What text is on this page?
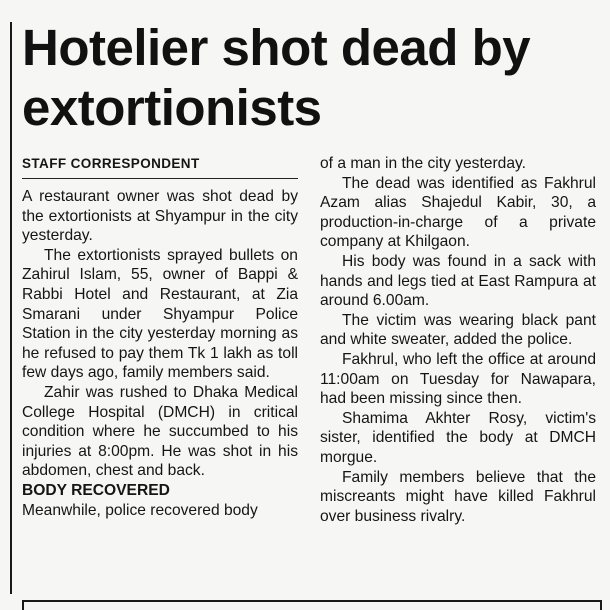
Hotelier shot dead by extortionists
STAFF CORRESPONDENT

A restaurant owner was shot dead by the extortionists at Shyampur in the city yesterday.

The extortionists sprayed bullets on Zahirul Islam, 55, owner of Bappi & Rabbi Hotel and Restaurant, at Zia Smarani under Shyampur Police Station in the city yesterday morning as he refused to pay them Tk 1 lakh as toll few days ago, family members said.

Zahir was rushed to Dhaka Medical College Hospital (DMCH) in critical condition where he succumbed to his injuries at 8:00pm. He was shot in his abdomen, chest and back.

BODY RECOVERED

Meanwhile, police recovered body

of a man in the city yesterday.

The dead was identified as Fakhrul Azam alias Shajedul Kabir, 30, a production-in-charge of a private company at Khilgaon.

His body was found in a sack with hands and legs tied at East Rampura at around 6.00am.

The victim was wearing black pant and white sweater, added the police.

Fakhrul, who left the office at around 11:00am on Tuesday for Nawapara, had been missing since then.

Shamima Akhter Rosy, victim's sister, identified the body at DMCH morgue.

Family members believe that the miscreants might have killed Fakhrul over business rivalry.
